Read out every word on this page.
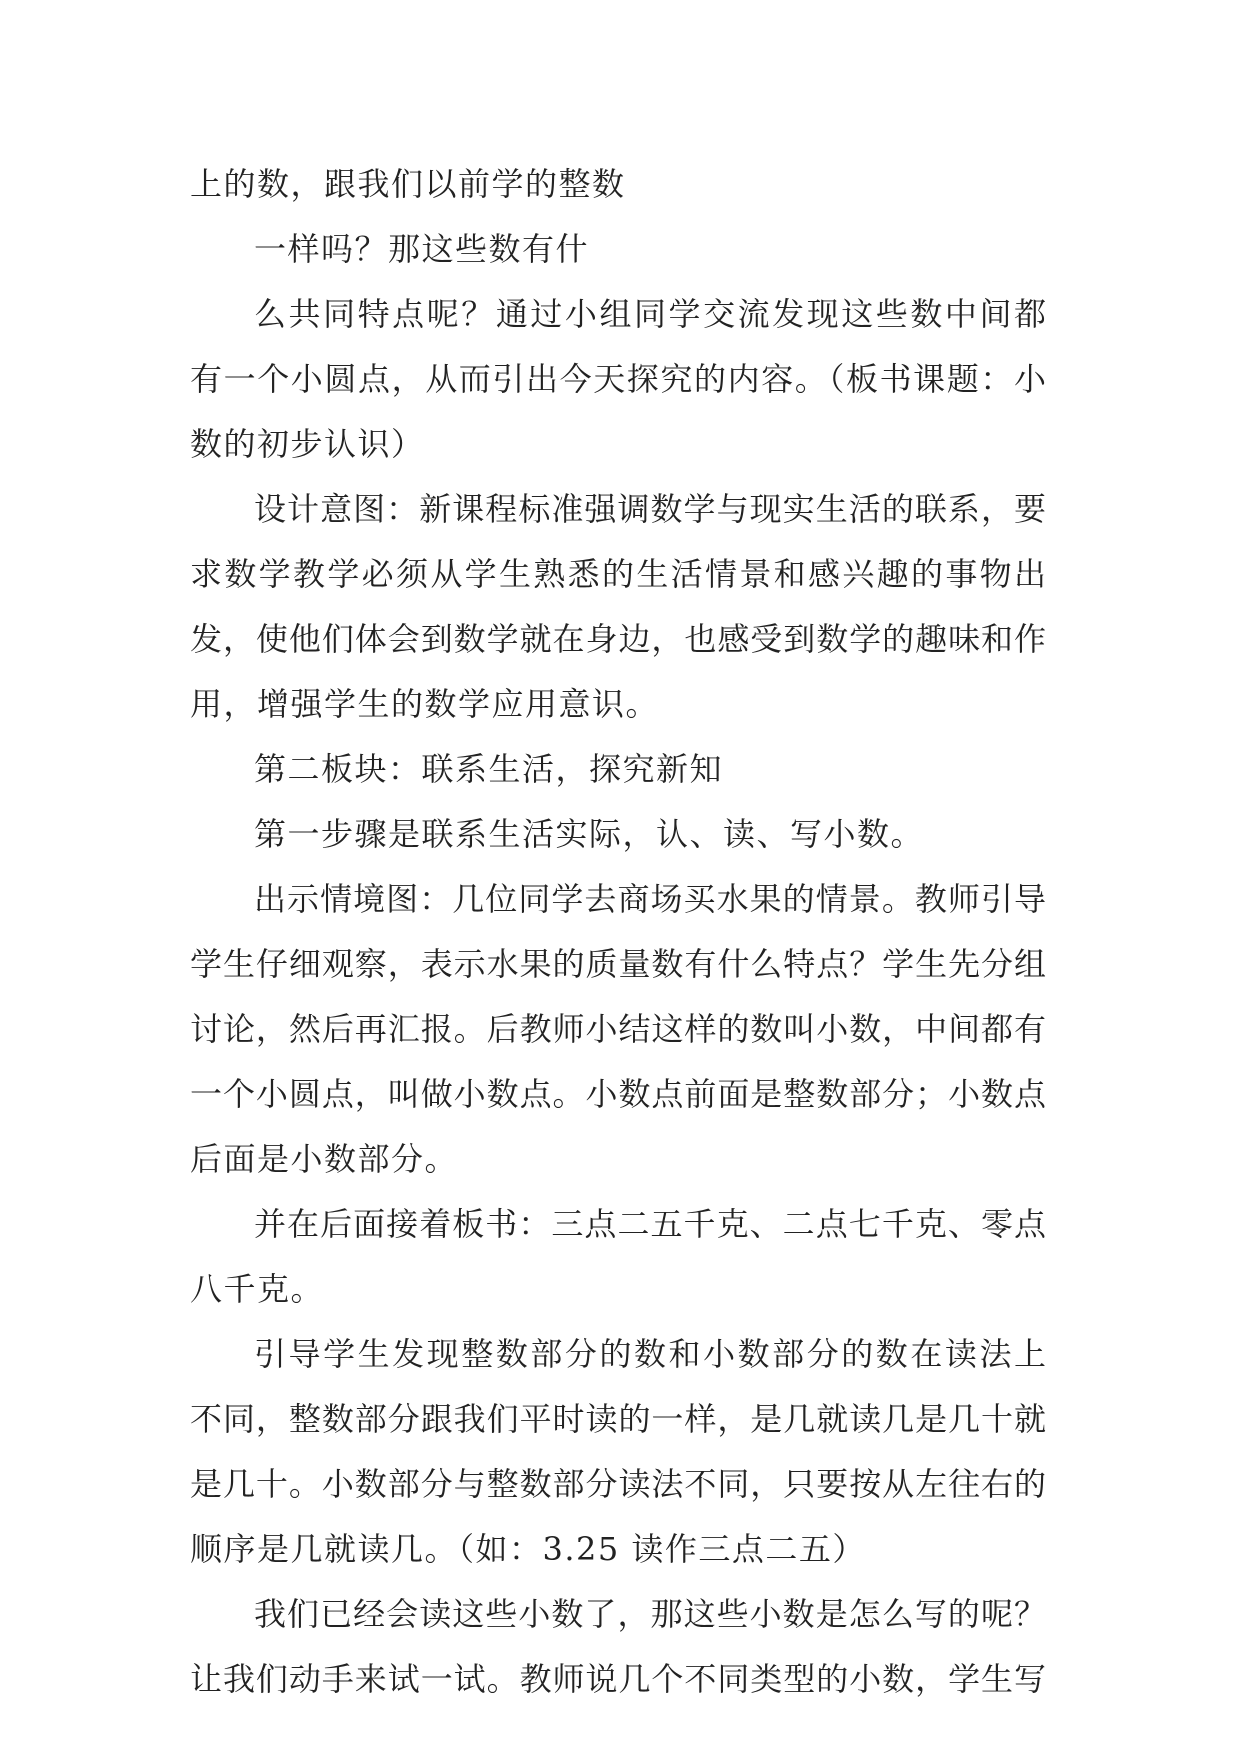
上的数，跟我们以前学的整数
一样吗？那这些数有什
么共同特点呢？通过小组同学交流发现这些数中间都
有一个小圆点，从而引出今天探究的内容。（板书课题：小
数的初步认识）
设计意图：新课程标准强调数学与现实生活的联系，要
求数学教学必须从学生熟悉的生活情景和感兴趣的事物出
发，使他们体会到数学就在身边，也感受到数学的趣味和作
用，增强学生的数学应用意识。
第二板块：联系生活，探究新知
第一步骤是联系生活实际，认、读、写小数。
出示情境图：几位同学去商场买水果的情景。教师引导
学生仔细观察，表示水果的质量数有什么特点？学生先分组
讨论，然后再汇报。后教师小结这样的数叫小数，中间都有
一个小圆点，叫做小数点。小数点前面是整数部分；小数点
后面是小数部分。
并在后面接着板书：三点二五千克、二点七千克、零点
八千克。
引导学生发现整数部分的数和小数部分的数在读法上
不同，整数部分跟我们平时读的一样，是几就读几是几十就
是几十。小数部分与整数部分读法不同，只要按从左往右的
顺序是几就读几。（如：3.25 读作三点二五）
我们已经会读这些小数了，那这些小数是怎么写的呢？
让我们动手来试一试。教师说几个不同类型的小数，学生写
